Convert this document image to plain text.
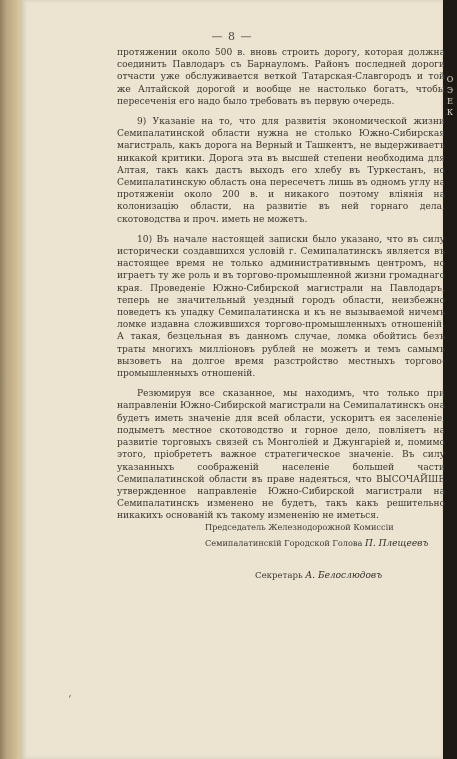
О
Э
Е
К
— 8 —

протяжении около 500 в. вновь строить дорогу, которая должна соединить Павлодаръ съ Барнауломъ. Районъ последней дороги отчасти уже обслуживается веткой Татарская-Славгородъ и той же Алтайской дорогой и вообще не настолько богатъ, чтобы пересеченія его надо было требовать въ первую очередь.

9) Указаніе на то, что для развитія экономической жизни Семипалатинской области нужна не столько Южно-Сибирская магистраль, какъ дорога на Верный и Ташкентъ, не выдерживаетъ никакой критики. Дорога эта въ высшей степени необходима для Алтая, такъ какъ дастъ выходъ его хлебу въ Туркестанъ, но Семипалатинскую область она пересечетъ лишь въ одномъ углу на протяженіи около 200 в. и никакого поэтому вліянія на колонизацію области, на развитіе въ ней горнаго дела, скотоводства и проч. иметь не можетъ.

10) Въ начале настоящей записки было указано, что въ силу исторически создавшихся условій г. Семипалатинскъ является въ настоящее время не только административнымъ центромъ, но играетъ ту же роль и въ торгово-промышленной жизни громаднаго края. Проведеніе Южно-Сибирской магистрали на Павлодаръ, теперь не значительный уездный городъ области, неизбежно поведетъ къ упадку Семипалатинска и къ не вызываемой ничемъ ломке издавна сложившихся торгово-промышленныхъ отношеній. А такая, безцельная въ данномъ случае, ломка обойтись безъ траты многихъ милліоновъ рублей не можетъ и темъ самымъ вызоветъ на долгое время разстройство местныхъ торгово-промышленныхъ отношеній.

Резюмируя все сказанное, мы находимъ, что только при направленіи Южно-Сибирской магистрали на Семипалатинскъ она будетъ иметь значеніе для всей области, ускоритъ ея заселеніе, подыметъ местное скотоводство и горное дело, повліяетъ на развитіе торговыхъ связей съ Монголіей и Джунгаріей и, помимо этого, пріобрететъ важное стратегическое значеніе. Въ силу указанныхъ соображеній населеніе большей части Семипалатинской области въ праве надеяться, что ВЫСОЧАЙШЕ утвержденное направленіе Южно-Сибирской магистрали на Семипалатинскъ изменено не будетъ, такъ какъ решительно никакихъ основаній къ такому измененію не иметься.

Председатель Железнодорожной Комиссіи
Семипалатинскій Городской Голова П. Плещеевъ
Секретарь А. Белослюдовъ
‘
